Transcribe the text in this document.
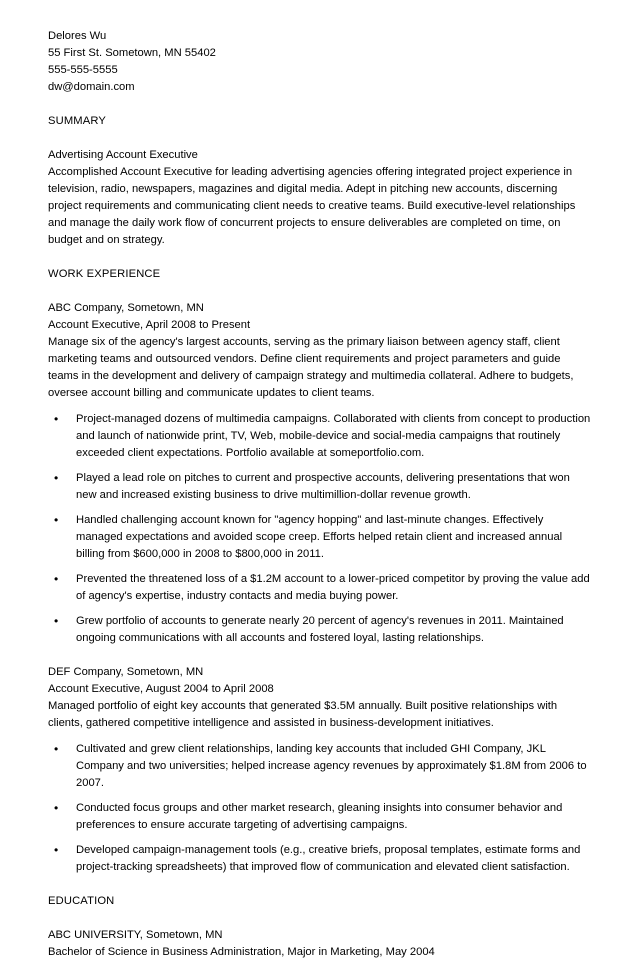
Delores Wu
55 First St. Sometown, MN 55402
555-555-5555
dw@domain.com
SUMMARY
Advertising Account Executive

Accomplished Account Executive for leading advertising agencies offering integrated project experience in television, radio, newspapers, magazines and digital media. Adept in pitching new accounts, discerning project requirements and communicating client needs to creative teams. Build executive-level relationships and manage the daily work flow of concurrent projects to ensure deliverables are completed on time, on budget and on strategy.

WORK EXPERIENCE
ABC Company, Sometown, MN
Account Executive, April 2008 to Present

Manage six of the agency's largest accounts, serving as the primary liaison between agency staff, client marketing teams and outsourced vendors. Define client requirements and project parameters and guide teams in the development and delivery of campaign strategy and multimedia collateral. Adhere to budgets, oversee account billing and communicate updates to client teams.

• Project-managed dozens of multimedia campaigns. Collaborated with clients from concept to production and launch of nationwide print, TV, Web, mobile-device and social-media campaigns that routinely exceeded client expectations. Portfolio available at someportfolio.com.
• Played a lead role on pitches to current and prospective accounts, delivering presentations that won new and increased existing business to drive multimillion-dollar revenue growth.
• Handled challenging account known for "agency hopping" and last-minute changes. Effectively managed expectations and avoided scope creep. Efforts helped retain client and increased annual billing from $600,000 in 2008 to $800,000 in 2011.
• Prevented the threatened loss of a $1.2M account to a lower-priced competitor by proving the value add of agency's expertise, industry contacts and media buying power.
• Grew portfolio of accounts to generate nearly 20 percent of agency's revenues in 2011. Maintained ongoing communications with all accounts and fostered loyal, lasting relationships.
DEF Company, Sometown, MN
Account Executive, August 2004 to April 2008

Managed portfolio of eight key accounts that generated $3.5M annually. Built positive relationships with clients, gathered competitive intelligence and assisted in business-development initiatives.

• Cultivated and grew client relationships, landing key accounts that included GHI Company, JKL Company and two universities; helped increase agency revenues by approximately $1.8M from 2006 to 2007.
• Conducted focus groups and other market research, gleaning insights into consumer behavior and preferences to ensure accurate targeting of advertising campaigns.
• Developed campaign-management tools (e.g., creative briefs, proposal templates, estimate forms and project-tracking spreadsheets) that improved flow of communication and elevated client satisfaction.
EDUCATION
ABC UNIVERSITY, Sometown, MN
Bachelor of Science in Business Administration, Major in Marketing, May 2004
